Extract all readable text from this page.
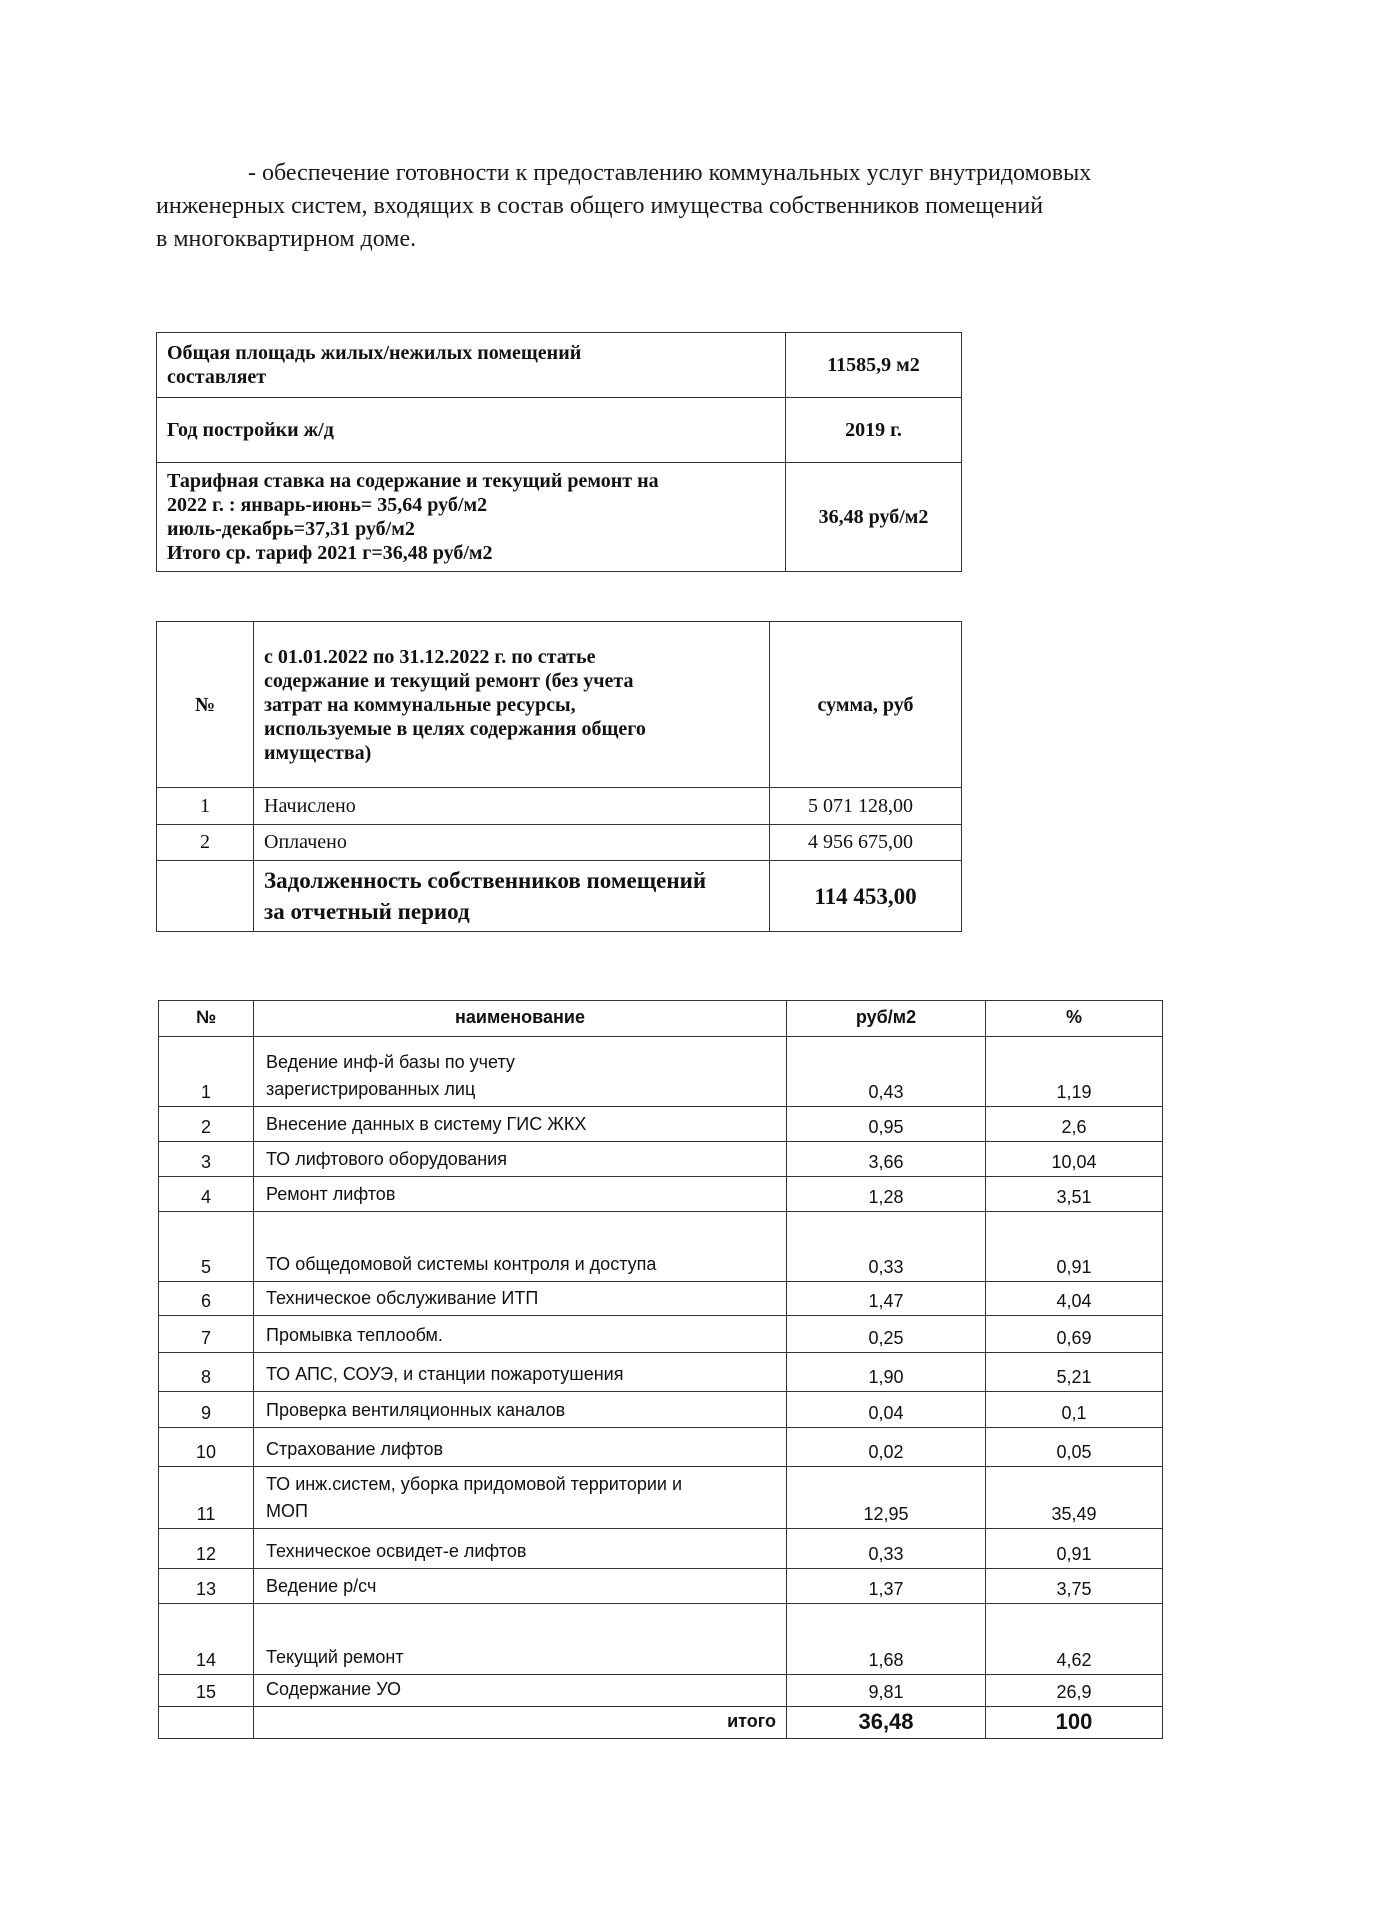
- обеспечение готовности к предоставлению коммунальных услуг внутридомовых

инженерных систем, входящих в состав общего имущества собственников помещений

в многоквартирном доме.

Общая площадь жилых/нежилых помещений
составляет	11585,9 м2

Год постройки ж/д	2019 г.

Тарифная ставка на содержание и текущий ремонт на
2022 г. : январь-июнь= 35,64 руб/м2
июль-декабрь=37,31 руб/м2
Итого ср. тариф 2021 г=36,48 руб/м2	36,48 руб/м2
№	с 01.01.2022 по 31.12.2022 г. по статье
содержание и текущий ремонт (без учета
затрат на коммунальные ресурсы,
используемые в целях содержания общего
имущества)	сумма, руб
1	Начислено	5 071 128,00
2	Оплачено	4 956 675,00

	Задолженность собственников помещений
за отчетный период	114 453,00
№	наименование	руб/м2	%
1	Ведение инф-й базы по учету
зарегистрированных лиц	0,43	1,19
2	Внесение данных в систему ГИС ЖКХ	0,95	2,6
3	ТО лифтового оборудования	3,66	10,04
4	Ремонт лифтов	1,28	3,51
5	ТО общедомовой системы контроля и доступа	0,33	0,91
6	Техническое обслуживание ИТП	1,47	4,04
7	Промывка теплообм.	0,25	0,69
8	ТО АПС, СОУЭ, и станции пожаротушения	1,90	5,21
9	Проверка вентиляционных каналов	0,04	0,1
10	Страхование лифтов	0,02	0,05
11	ТО инж.систем, уборка придомовой территории и
МОП	12,95	35,49
12	Техническое освидет-е лифтов	0,33	0,91
13	Ведение р/сч	1,37	3,75
14	Текущий ремонт	1,68	4,62
15	Содержание УО	9,81	26,9
	итого	36,48	100
